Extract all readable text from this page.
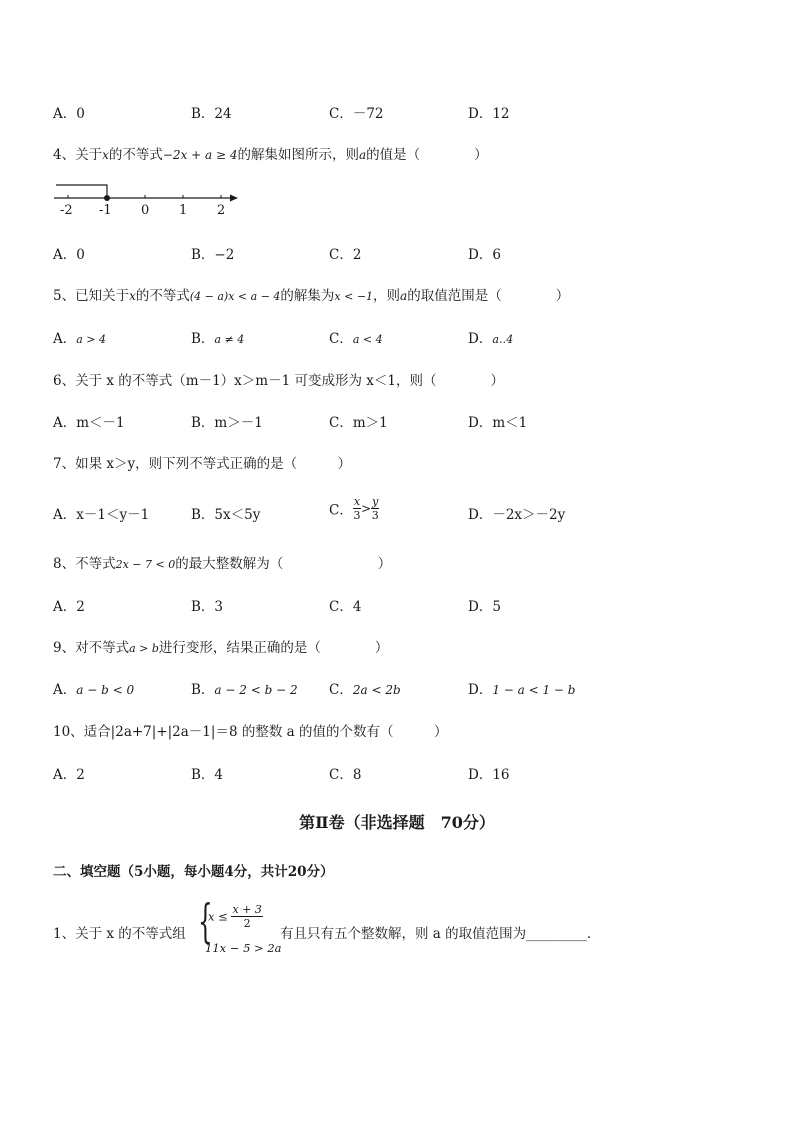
A．0	B．24	C．－72	D．12
4、关于x的不等式−2x + a ≥ 4的解集如图所示，则a的值是（　　　　）
-2 -1 0 1 2
A．0	B．−2	C．2	D．6
5、已知关于x的不等式(4 − a)x < a − 4的解集为x < −1，则a的取值范围是（　　　　）
A．a > 4	B．a ≠ 4	C．a < 4	D．a‥4
6、关于 x 的不等式（m－1）x＞m－1 可变成形为 x＜1，则（　　　　）
A．m＜－1	B．m＞－1	C．m＞1	D．m＜1
7、如果 x＞y，则下列不等式正确的是（　　　）
A．x－1＜y－1	B．5x＜5y	C． $\frac{x}{3} > \frac{y}{3}$	D．－2x＞－2y
8、不等式2x − 7 < 0的最大整数解为（　　　　　　　）
A．2	B．3	C．4	D．5
9、对不等式a > b进行变形，结果正确的是（　　　　）
A．a − b < 0	B．a − 2 < b − 2 C．2a < 2b	D．1 − a < 1 − b
10、适合|2a+7|+|2a－1|＝8 的整数 a 的值的个数有（　　　）
A．2	B．4	C．8	D．16
第Ⅱ卷（非选择题　70分）
二、填空题（5小题，每小题4分，共计20分）
1、关于 x 的不等式组 {
$x \le \frac{x + 3}{2}$
11x − 5 > 2a
有且只有五个整数解，则 a 的取值范围为_________．
